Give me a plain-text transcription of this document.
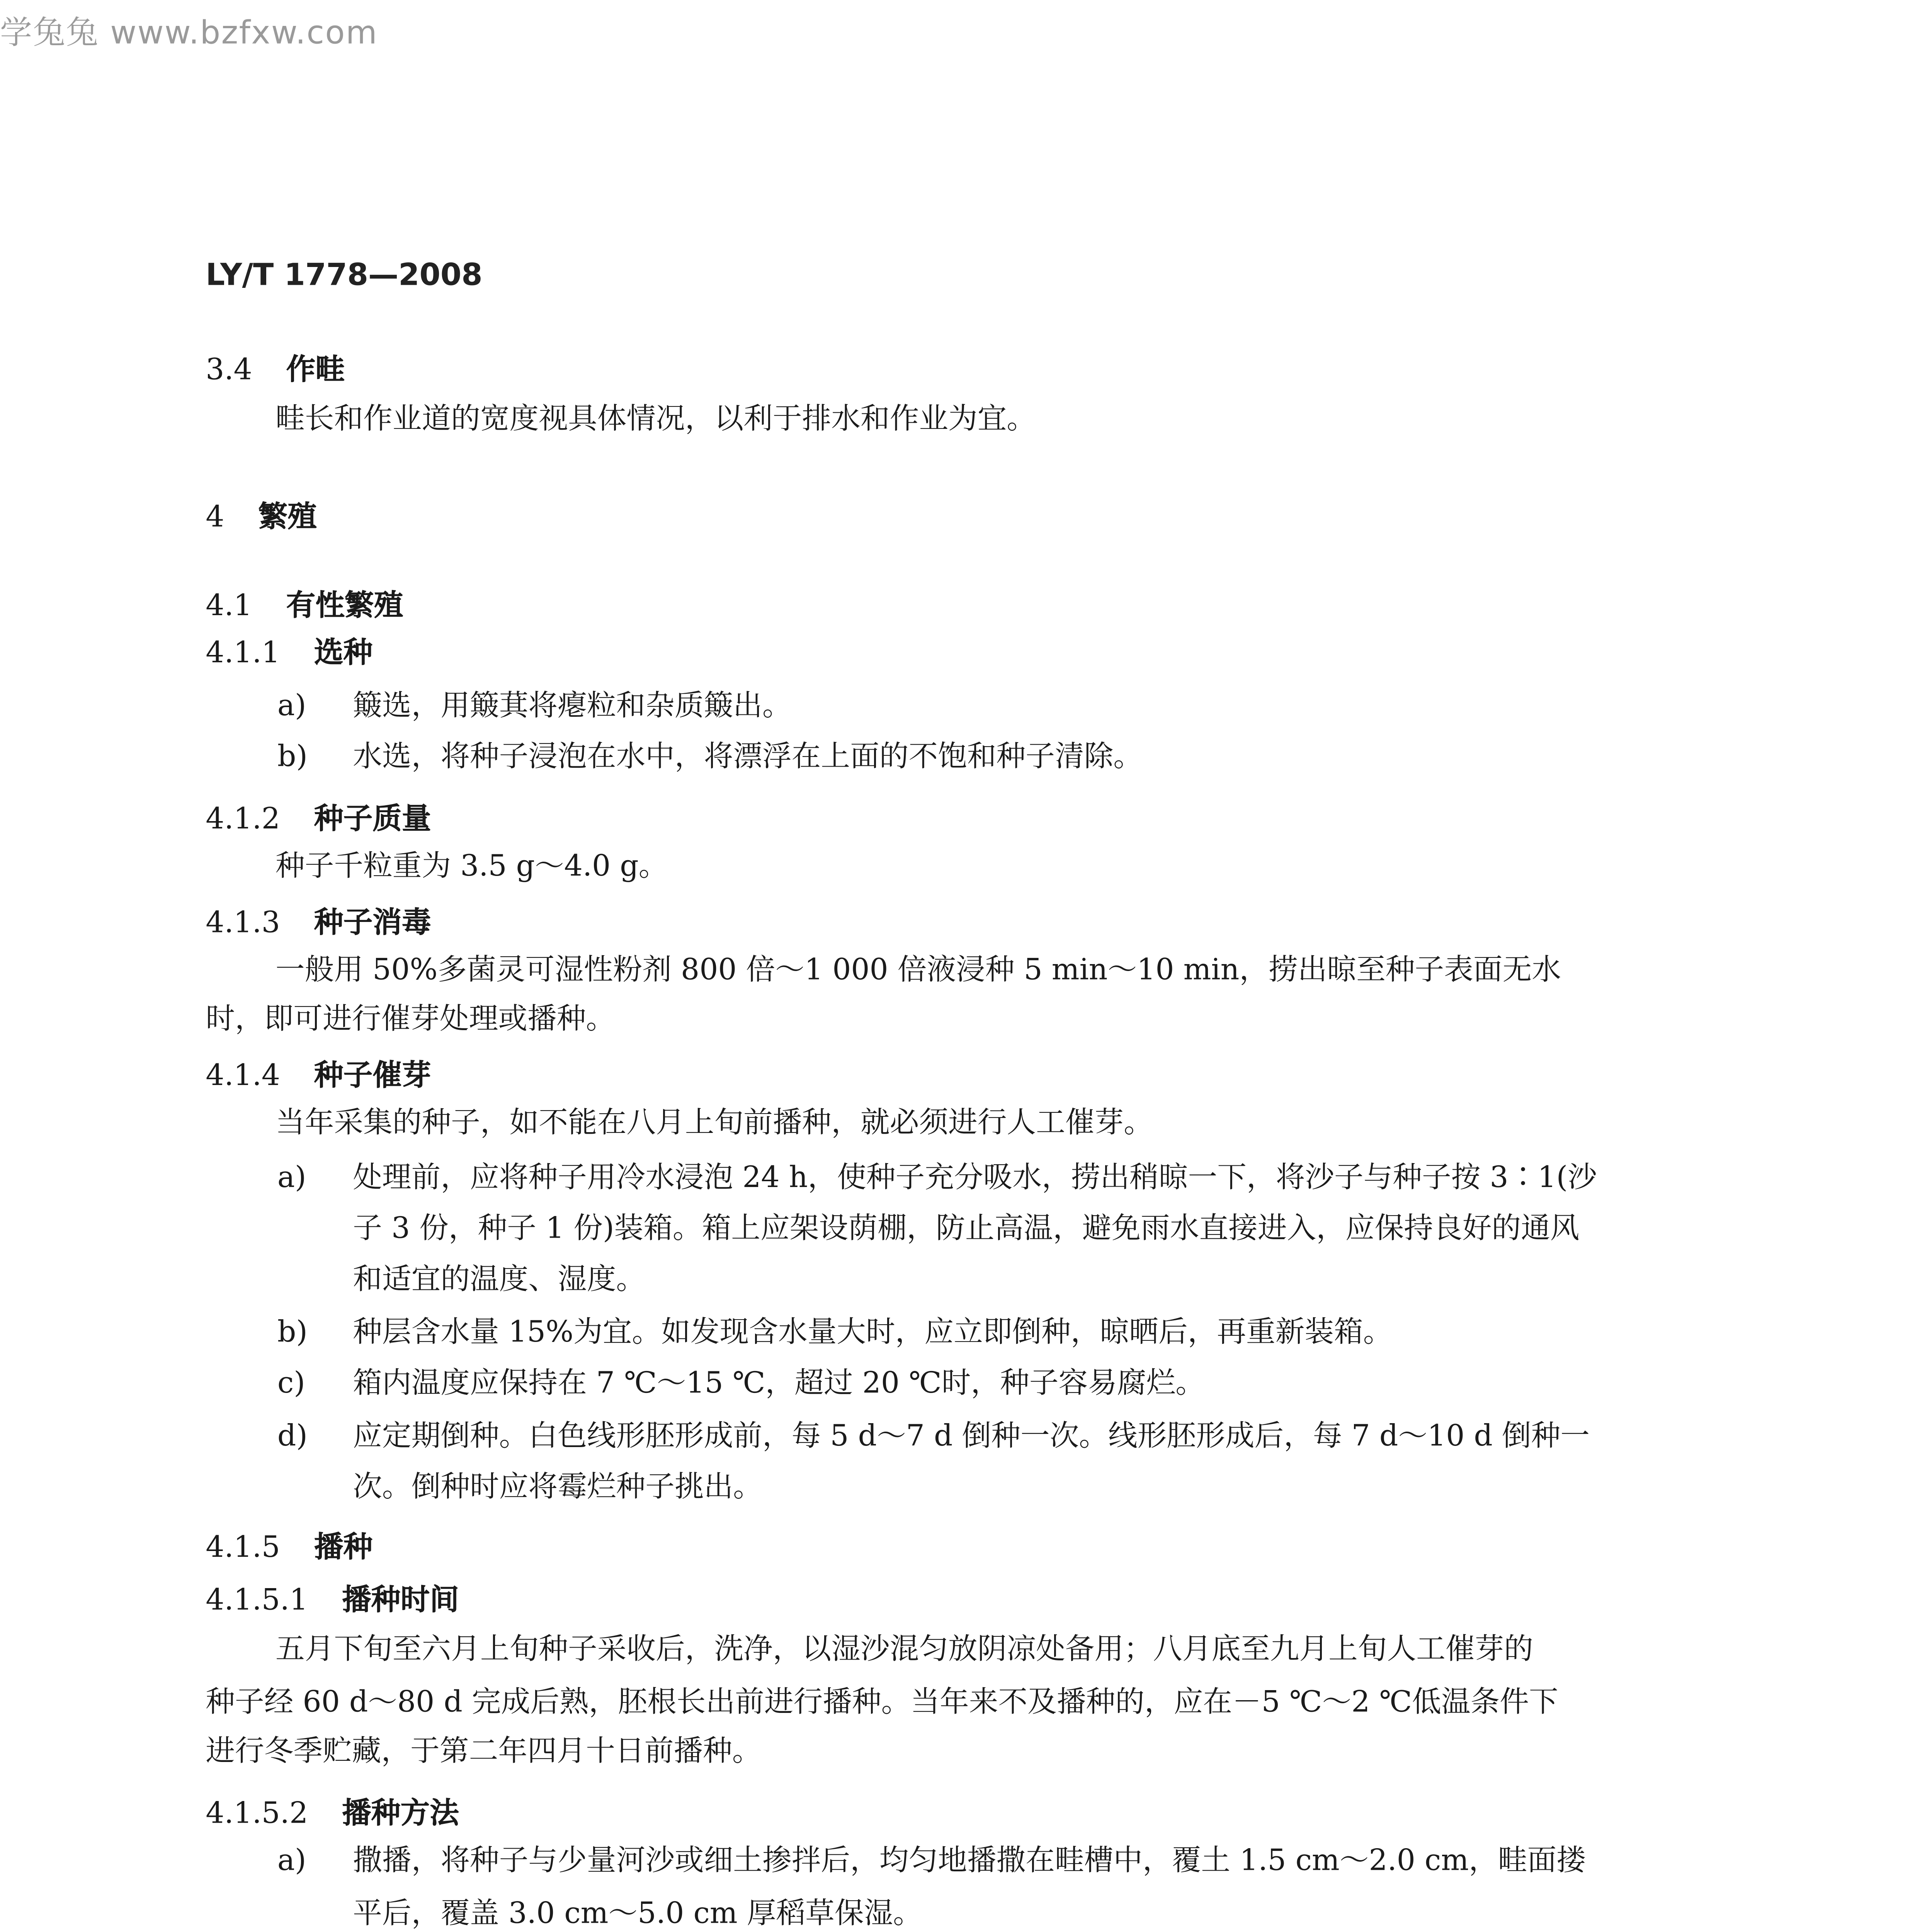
学兔兔 www.bzfxw.com
LY/T 1778—2008
3.4	作畦
畦长和作业道的宽度视具体情况，以利于排水和作业为宜。
4	繁殖
4.1	有性繁殖
4.1.1	选种
a)	簸选，用簸萁将瘪粒和杂质簸出。
b)	水选，将种子浸泡在水中，将漂浮在上面的不饱和种子清除。
4.1.2	种子质量
种子千粒重为 3.5 g～4.0 g。
4.1.3	种子消毒
一般用 50%多菌灵可湿性粉剂 800 倍～1 000 倍液浸种 5 min～10 min，捞出晾至种子表面无水
时，即可进行催芽处理或播种。
4.1.4	种子催芽
当年采集的种子，如不能在八月上旬前播种，就必须进行人工催芽。
a)	处理前，应将种子用冷水浸泡 24 h，使种子充分吸水，捞出稍晾一下，将沙子与种子按 3∶1(沙
子 3 份，种子 1 份)装箱。箱上应架设荫棚，防止高温，避免雨水直接进入，应保持良好的通风
和适宜的温度、湿度。
b)	种层含水量 15%为宜。如发现含水量大时，应立即倒种，晾晒后，再重新装箱。
c)	箱内温度应保持在 7 ℃～15 ℃，超过 20 ℃时，种子容易腐烂。
d)	应定期倒种。白色线形胚形成前，每 5 d～7 d 倒种一次。线形胚形成后，每 7 d～10 d 倒种一
次。倒种时应将霉烂种子挑出。
4.1.5	播种
4.1.5.1	播种时间
五月下旬至六月上旬种子采收后，洗净，以湿沙混匀放阴凉处备用；八月底至九月上旬人工催芽的
种子经 60 d～80 d 完成后熟，胚根长出前进行播种。当年来不及播种的，应在－5 ℃～2 ℃低温条件下
进行冬季贮藏，于第二年四月十日前播种。
4.1.5.2	播种方法
a)	撒播，将种子与少量河沙或细土掺拌后，均匀地播撒在畦槽中，覆土 1.5 cm～2.0 cm，畦面搂
平后，覆盖 3.0 cm～5.0 cm 厚稻草保湿。
